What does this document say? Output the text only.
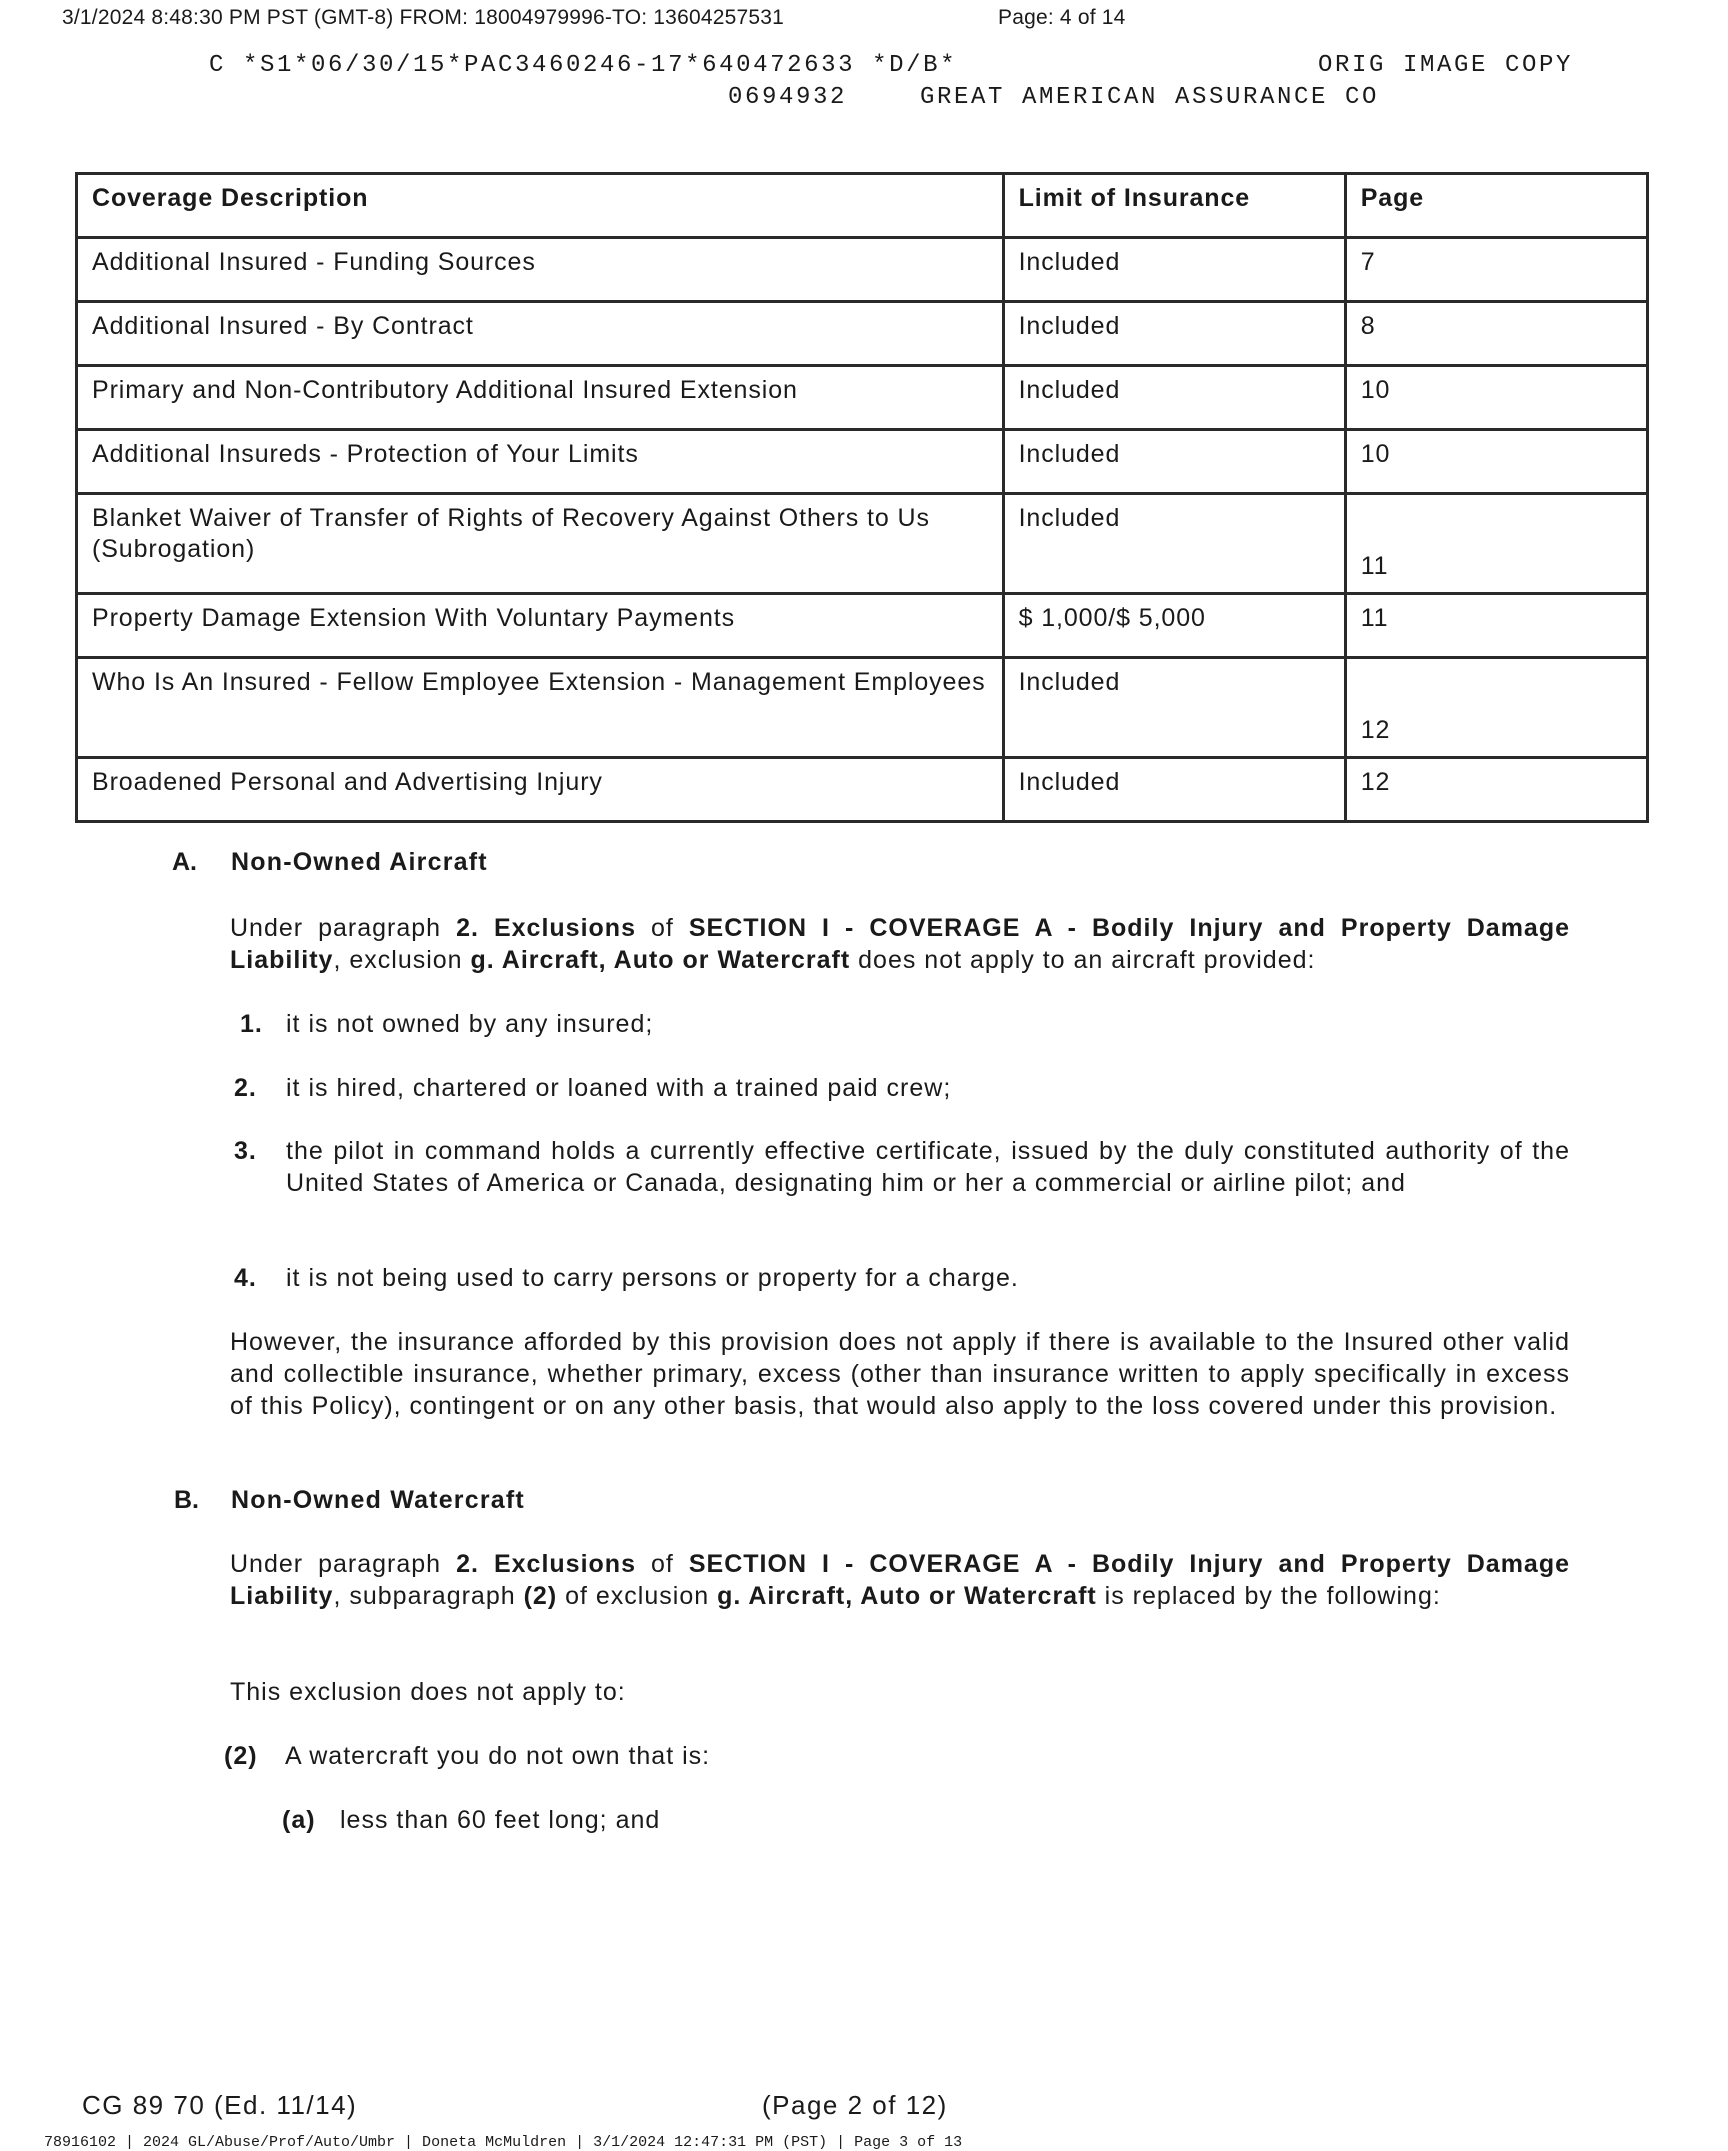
3/1/2024 8:48:30 PM PST (GMT-8) FROM: 18004979996-TO: 13604257531	Page: 4 of 14
C *S1*06/30/15*PAC3460246-17*640472633 *D/B*	ORIG IMAGE COPY
0694932	GREAT AMERICAN ASSURANCE CO
Coverage Description	Limit of Insurance	Page
Additional Insured - Funding Sources	Included	7
Additional Insured - By Contract	Included	8
Primary and Non-Contributory Additional Insured Extension	Included	10
Additional Insureds - Protection of Your Limits	Included	10
Blanket Waiver of Transfer of Rights of Recovery Against Others to Us (Subrogation)	Included	11
Property Damage Extension With Voluntary Payments	$ 1,000/$ 5,000	11
Who Is An Insured - Fellow Employee Extension - Management Employees	Included	12
Broadened Personal and Advertising Injury	Included	12
A. Non-Owned Aircraft

Under paragraph 2. Exclusions of SECTION I - COVERAGE A - Bodily Injury and Property Damage Liability, exclusion g. Aircraft, Auto or Watercraft does not apply to an aircraft provided:

1. it is not owned by any insured;
2. it is hired, chartered or loaned with a trained paid crew;
3. the pilot in command holds a currently effective certificate, issued by the duly constituted authority of the United States of America or Canada, designating him or her a commercial or airline pilot; and
4. it is not being used to carry persons or property for a charge.

However, the insurance afforded by this provision does not apply if there is available to the Insured other valid and collectible insurance, whether primary, excess (other than insurance written to apply specifically in excess of this Policy), contingent or on any other basis, that would also apply to the loss covered under this provision.

B. Non-Owned Watercraft

Under paragraph 2. Exclusions of SECTION I - COVERAGE A - Bodily Injury and Property Damage Liability, subparagraph (2) of exclusion g. Aircraft, Auto or Watercraft is replaced by the following:

This exclusion does not apply to:
(2) A watercraft you do not own that is:
(a) less than 60 feet long; and
CG 89 70 (Ed. 11/14)	(Page 2 of 12)
78916102 | 2024 GL/Abuse/Prof/Auto/Umbr | Doneta McMuldren | 3/1/2024 12:47:31 PM (PST) | Page 3 of 13
